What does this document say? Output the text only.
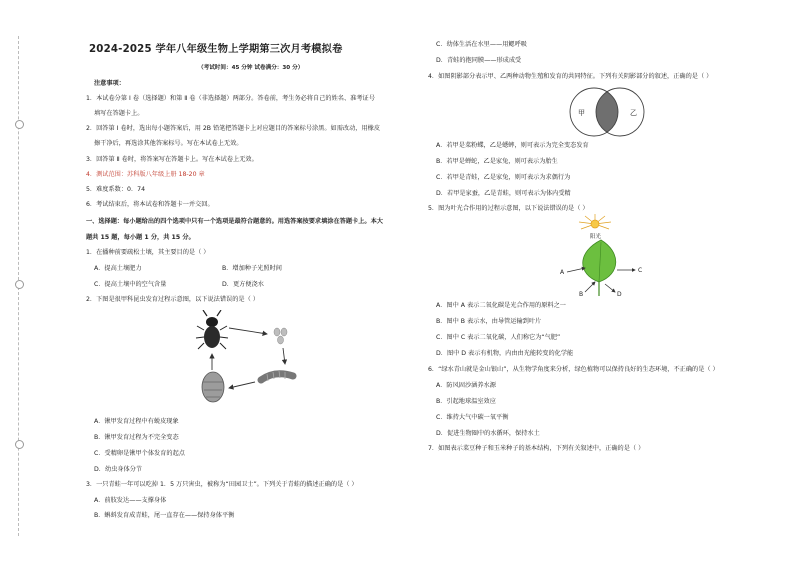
2024-2025 学年八年级生物上学期第三次月考模拟卷
（考试时间：45 分钟 试卷满分：30 分）
注意事项：
1．本试卷分第 Ⅰ 卷（选择题）和第 Ⅱ 卷（非选择题）两部分。答卷前，考生务必将自己的姓名、准考证号
填写在答题卡上。
2．回答第 Ⅰ 卷时，选出每小题答案后，用 2B 铅笔把答题卡上对应题目的答案标号涂黑。如需改动，用橡皮
擦干净后，再选涂其他答案标号。写在本试卷上无效。
3．回答第 Ⅱ 卷时，将答案写在答题卡上。写在本试卷上无效。
4．测试范围：苏科版八年级上册 18-20 章
5．难度系数：0．74
6．考试结束后，将本试卷和答题卡一并交回。
一、选择题：每小题给出的四个选项中只有一个选项是最符合题意的。用选答案按要求填涂在答题卡上。本大
题共 15 题，每小题 1 分，共 15 分。
1．在播种前要疏松土壤，其主要目的是（ ）
A．提高土壤肥力	B．增加种子光照时间
C．提高土壤中的空气含量	D．更方便浇水
2．下图是很甲科昆虫发育过程示意图，以下说法错误的是（ ）
A．锹甲发育过程中有蜕皮现象
B．锹甲发育过程为不完全变态
C．受精卵是锹甲个体发育的起点
D．幼虫身体分节
3．一只青蛙一年可以吃掉 1．5 万只害虫，被称为“田园卫士”。下列关于青蛙的描述正确的是（ ）
A．前肢发达——支撑身体
B．蝌蚪发育成青蛙，尾一直存在——保持身体平衡
C．幼体生活在水里——用鳃呼吸
D．青蛙的抱同膜——形成成受
4．如图阴影部分表示甲、乙两种动物生殖和发育的共同特征。下列有关阴影部分的叙述，正确的是（ ）
甲	乙
A．若甲是菜粉蝶，乙是蟋蟀，则可表示为完全变态发育
B．若甲是蝉蛇，乙是家兔，则可表示为胎生
C．若甲是青蛙，乙是家兔，则可表示为求偶行为
D．若甲是家蚕，乙是青蛙，则可表示为体内受精
5．图为叶光合作用的过程示意图，以下说法错误的是（ ）
阳光
A	C
B	D
A．图中 A 表示二氧化碳是光合作用的原料之一
B．图中 B 表示水，由导管运输到叶片
C．图中 C 表示二氧化碳，人们称它为“气肥”
D．图中 D 表示有机物，内由由光能转变的化学能
6．“绿水青山就是金山银山”，从生物学角度来分析，绿色植物可以保持良好的生态环境，不正确的是（ ）
A．防风固沙涵养水源
B．引起地球温室效应
C．维持大气中碳一氧平衡
D．促进生物圈中的水循环，保持水土
7．如图表示菜豆种子和玉米种子的基本结构，下列有关叙述中，正确的是（ ）
